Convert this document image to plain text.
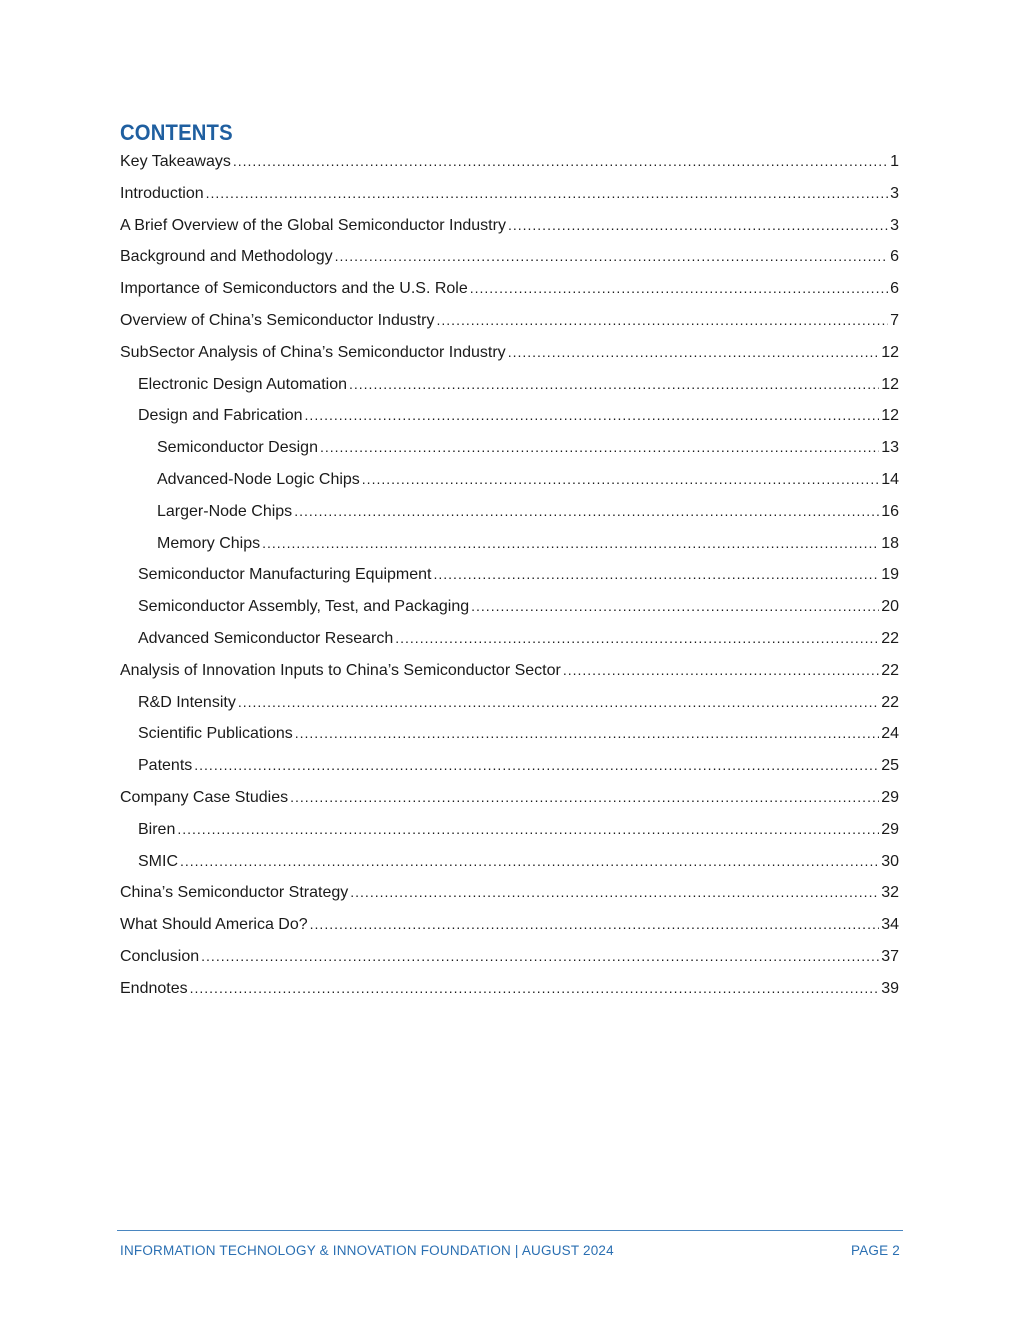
CONTENTS
Key Takeaways .....	1
Introduction .....	3
A Brief Overview of the Global Semiconductor Industry .....	3
Background and Methodology .....	6
Importance of Semiconductors and the U.S. Role .....	6
Overview of China’s Semiconductor Industry .....	7
SubSector Analysis of China’s Semiconductor Industry .....	12
Electronic Design Automation .....	12
Design and Fabrication .....	12
Semiconductor Design .....	13
Advanced-Node Logic Chips .....	14
Larger-Node Chips .....	16
Memory Chips .....	18
Semiconductor Manufacturing Equipment .....	19
Semiconductor Assembly, Test, and Packaging .....	20
Advanced Semiconductor Research .....	22
Analysis of Innovation Inputs to China’s Semiconductor Sector .....	22
R&D Intensity .....	22
Scientific Publications .....	24
Patents .....	25
Company Case Studies .....	29
Biren .....	29
SMIC .....	30
China’s Semiconductor Strategy .....	32
What Should America Do? .....	34
Conclusion .....	37
Endnotes .....	39
INFORMATION TECHNOLOGY & INNOVATION FOUNDATION | AUGUST 2024	PAGE 2
